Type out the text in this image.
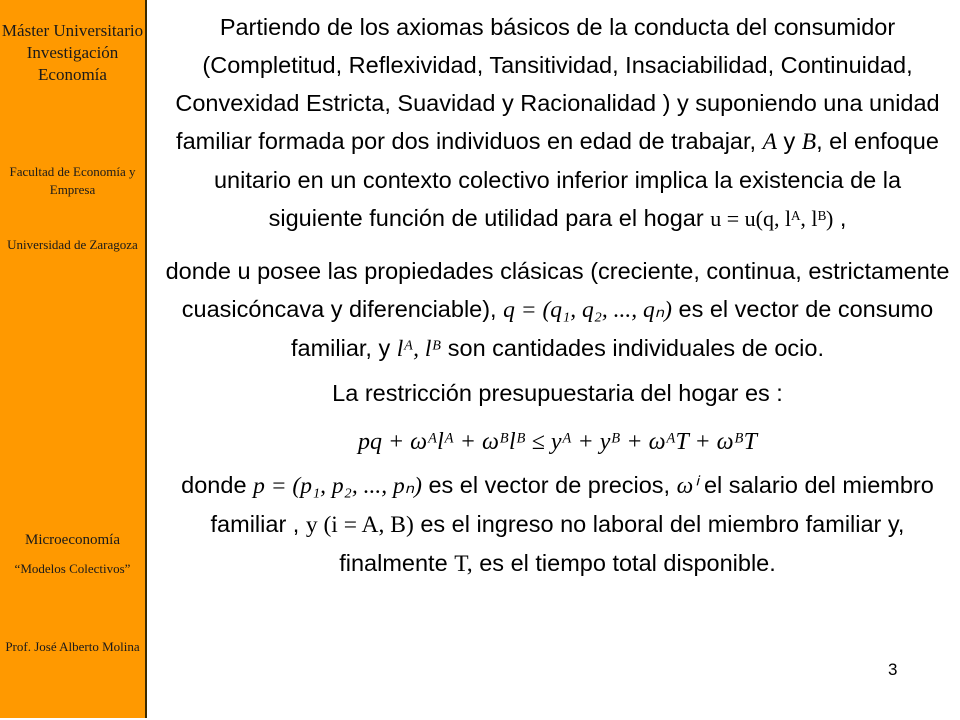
Máster Universitario Investigación Economía
Facultad de Economía y Empresa
Universidad de Zaragoza
Microeconomía
“Modelos Colectivos”
Prof. José Alberto Molina

Partiendo de los axiomas básicos de la conducta del consumidor (Completitud, Reflexividad, Tansitividad, Insaciabilidad, Continuidad, Convexidad Estricta, Suavidad y Racionalidad ) y suponiendo una unidad familiar formada por dos individuos en edad de trabajar, A y B, el enfoque unitario en un contexto colectivo inferior implica la existencia de la siguiente función de utilidad para el hogar u = u(q, lᴬ, lᴮ) ,

donde u posee las propiedades clásicas (creciente, continua, estrictamente cuasicóncava y diferenciable), q = (q₁, q₂, ..., qₙ) es el vector de consumo familiar, y lᴬ, lᴮ son cantidades individuales de ocio.

La restricción presupuestaria del hogar es :

pq + ωᴬlᴬ + ωᴮlᴮ ≤ yᴬ + yᴮ + ωᴬT + ωᴮT

donde p = (p₁, p₂, ..., pₙ) es el vector de precios, ωⁱ el salario del miembro familiar , y (i = A, B) es el ingreso no laboral del miembro familiar y, finalmente T, es el tiempo total disponible.

3
